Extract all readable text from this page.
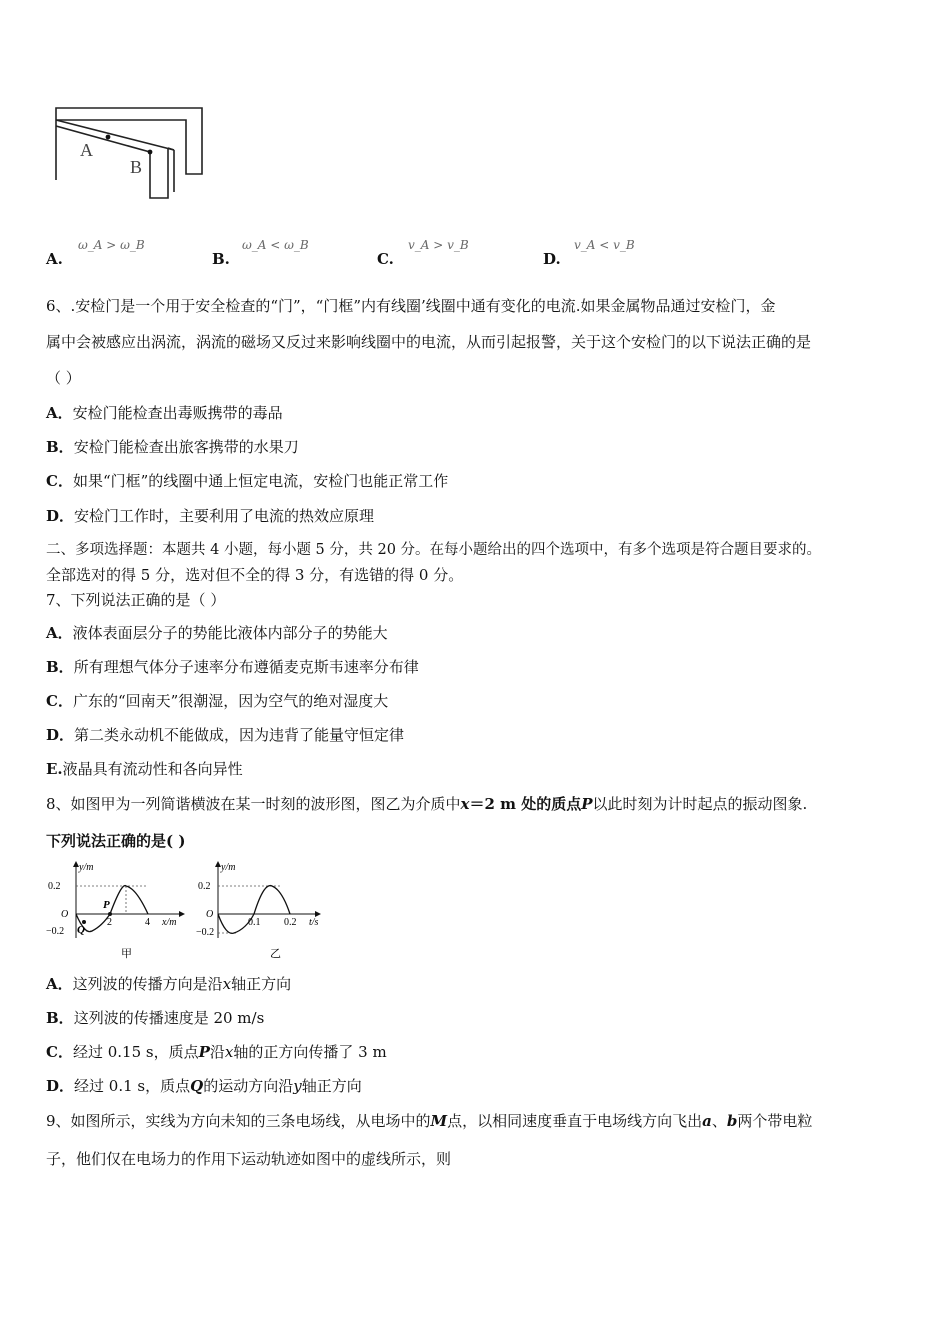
A
B
A.
ω_A > ω_B
B.
ω_A < ω_B
C.
v_A > v_B
D.
v_A < v_B
6、.安检门是一个用于安全检查的“门”，“门框”内有线圈’线圈中通有变化的电流.如果金属物品通过安检门，金
属中会被感应出涡流，涡流的磁场又反过来影响线圈中的电流，从而引起报警，关于这个安检门的以下说法正确的是
（ ）
A．安检门能检查出毒贩携带的毒品
B．安检门能检查出旅客携带的水果刀
C．如果“门框”的线圈中通上恒定电流，安检门也能正常工作
D．安检门工作时，主要利用了电流的热效应原理
二、多项选择题：本题共 4 小题，每小题 5 分，共 20 分。在每小题给出的四个选项中，有多个选项是符合题目要求的。
全部选对的得 5 分，选对但不全的得 3 分，有选错的得 0 分。
7、下列说法正确的是（ ）
A．液体表面层分子的势能比液体内部分子的势能大
B．所有理想气体分子速率分布遵循麦克斯韦速率分布律
C．广东的“回南天”很潮湿，因为空气的绝对湿度大
D．第二类永动机不能做成，因为违背了能量守恒定律
E.液晶具有流动性和各向异性
8、如图甲为一列简谐横波在某一时刻的波形图，图乙为介质中x＝2 m 处的质点P以此时刻为计时起点的振动图象.
下列说法正确的是( )
y/m
0.2
O
−0.2
2	4 x/m
P
Q
甲
y/m
0.2
O
−0.2
0.1 0.2 t/s
乙
A．这列波的传播方向是沿x轴正方向
B．这列波的传播速度是 20 m/s
C．经过 0.15 s，质点P沿x轴的正方向传播了 3 m
D．经过 0.1 s，质点Q的运动方向沿y轴正方向
9、如图所示，实线为方向未知的三条电场线，从电场中的M点，以相同速度垂直于电场线方向飞出a、b两个带电粒
子，他们仅在电场力的作用下运动轨迹如图中的虚线所示，则
